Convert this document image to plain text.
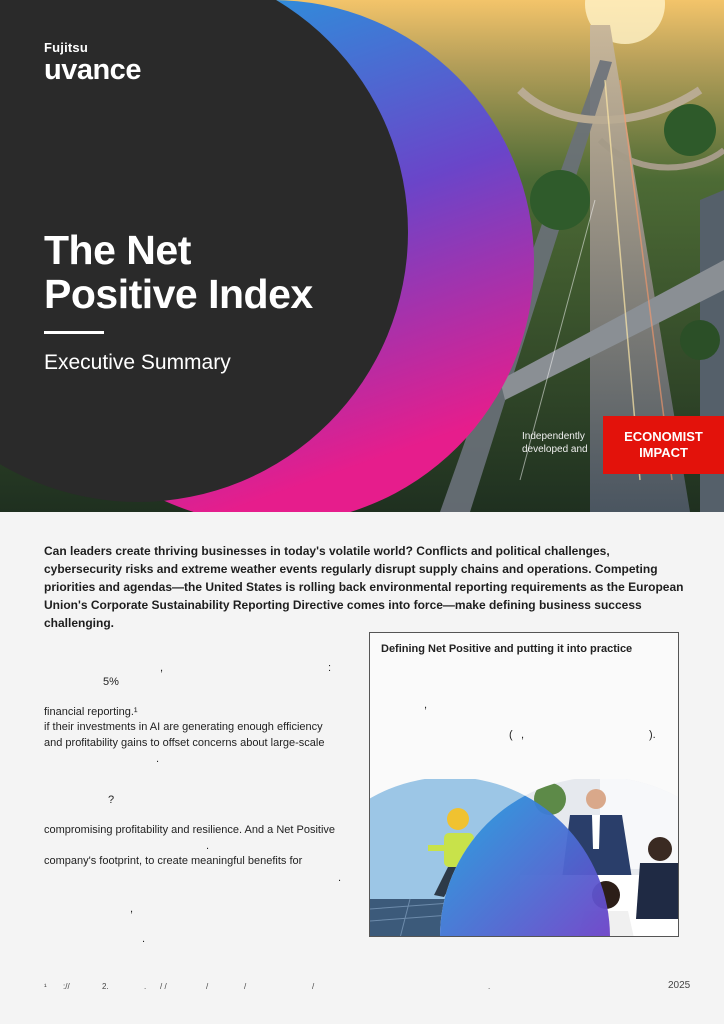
Fujitsu
uvance
The Net
Positive Index
Executive Summary
Independently
developed and
ECONOMIST
IMPACT

Can leaders create thriving businesses in today's volatile world? Conflicts and political challenges, cybersecurity risks and extreme weather events regularly disrupt supply chains and operations. Competing priorities and agendas—the United States is rolling back environmental reporting requirements as the European Union's Corporate Sustainability Reporting Directive comes into force—make defining business success challenging.

,	:
5%
financial reporting.¹
if their investments in AI are generating enough efficiency
and profitability gains to offset concerns about large-scale
.
?
compromising profitability and resilience. And a Net Positive
.
company's footprint, to create meaningful benefits for
.
,
.
Defining Net Positive and putting it into practice
,
( ,	).
¹ ://	2.	. / /	/	/	/	.	2025
